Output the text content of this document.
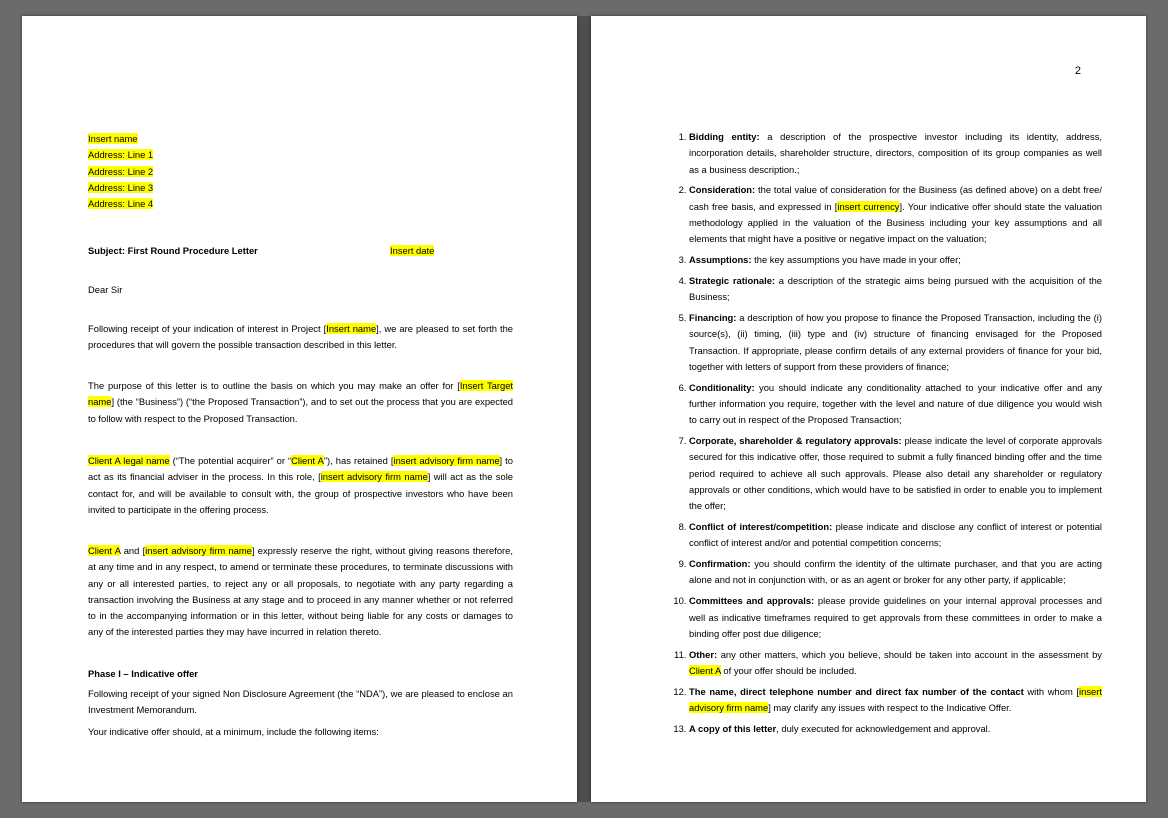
Insert name
Address: Line 1
Address: Line 2
Address: Line 3
Address: Line 4
Subject: First Round Procedure Letter	Insert date

Dear Sir

Following receipt of your indication of interest in Project [Insert name], we are pleased to set forth the procedures that will govern the possible transaction described in this letter.

The purpose of this letter is to outline the basis on which you may make an offer for [Insert Target name] (the “Business”) (“the Proposed Transaction”), and to set out the process that you are expected to follow with respect to the Proposed Transaction.

Client A legal name (“The potential acquirer” or “Client A”), has retained [insert advisory firm name] to act as its financial adviser in the process. In this role, [insert advisory firm name] will act as the sole contact for, and will be available to consult with, the group of prospective investors who have been invited to participate in the offering process.

Client A and [insert advisory firm name] expressly reserve the right, without giving reasons therefore, at any time and in any respect, to amend or terminate these procedures, to terminate discussions with any or all interested parties, to reject any or all proposals, to negotiate with any party regarding a transaction involving the Business at any stage and to proceed in any manner whether or not referred to in the accompanying information or in this letter, without being liable for any costs or damages to any of the interested parties they may have incurred in relation thereto.

Phase I – Indicative offer

Following receipt of your signed Non Disclosure Agreement (the “NDA”), we are pleased to enclose an Investment Memorandum.

Your indicative offer should, at a minimum, include the following items:

2
1. Bidding entity: a description of the prospective investor including its identity, address, incorporation details, shareholder structure, directors, composition of its group companies as well as a business description.;
2. Consideration: the total value of consideration for the Business (as defined above) on a debt free/ cash free basis, and expressed in [insert currency]. Your indicative offer should state the valuation methodology applied in the valuation of the Business including your key assumptions and all elements that might have a positive or negative impact on the valuation;
3. Assumptions: the key assumptions you have made in your offer;
4. Strategic rationale: a description of the strategic aims being pursued with the acquisition of the Business;
5. Financing: a description of how you propose to finance the Proposed Transaction, including the (i) source(s), (ii) timing, (iii) type and (iv) structure of financing envisaged for the Proposed Transaction. If appropriate, please confirm details of any external providers of finance for your bid, together with letters of support from these providers of finance;
6. Conditionality: you should indicate any conditionality attached to your indicative offer and any further information you require, together with the level and nature of due diligence you would wish to carry out in respect of the Proposed Transaction;
7. Corporate, shareholder & regulatory approvals: please indicate the level of corporate approvals secured for this indicative offer, those required to submit a fully financed binding offer and the time period required to achieve all such approvals. Please also detail any shareholder or regulatory approvals or other conditions, which would have to be satisfied in order to enable you to implement the offer;
8. Conflict of interest/competition: please indicate and disclose any conflict of interest or potential conflict of interest and/or and potential competition concerns;
9. Confirmation: you should confirm the identity of the ultimate purchaser, and that you are acting alone and not in conjunction with, or as an agent or broker for any other party, if applicable;
10. Committees and approvals: please provide guidelines on your internal approval processes and well as indicative timeframes required to get approvals from these committees in order to make a binding offer post due diligence;
11. Other: any other matters, which you believe, should be taken into account in the assessment by Client A of your offer should be included.
12. The name, direct telephone number and direct fax number of the contact with whom [insert advisory firm name] may clarify any issues with respect to the Indicative Offer.
13. A copy of this letter, duly executed for acknowledgement and approval.
